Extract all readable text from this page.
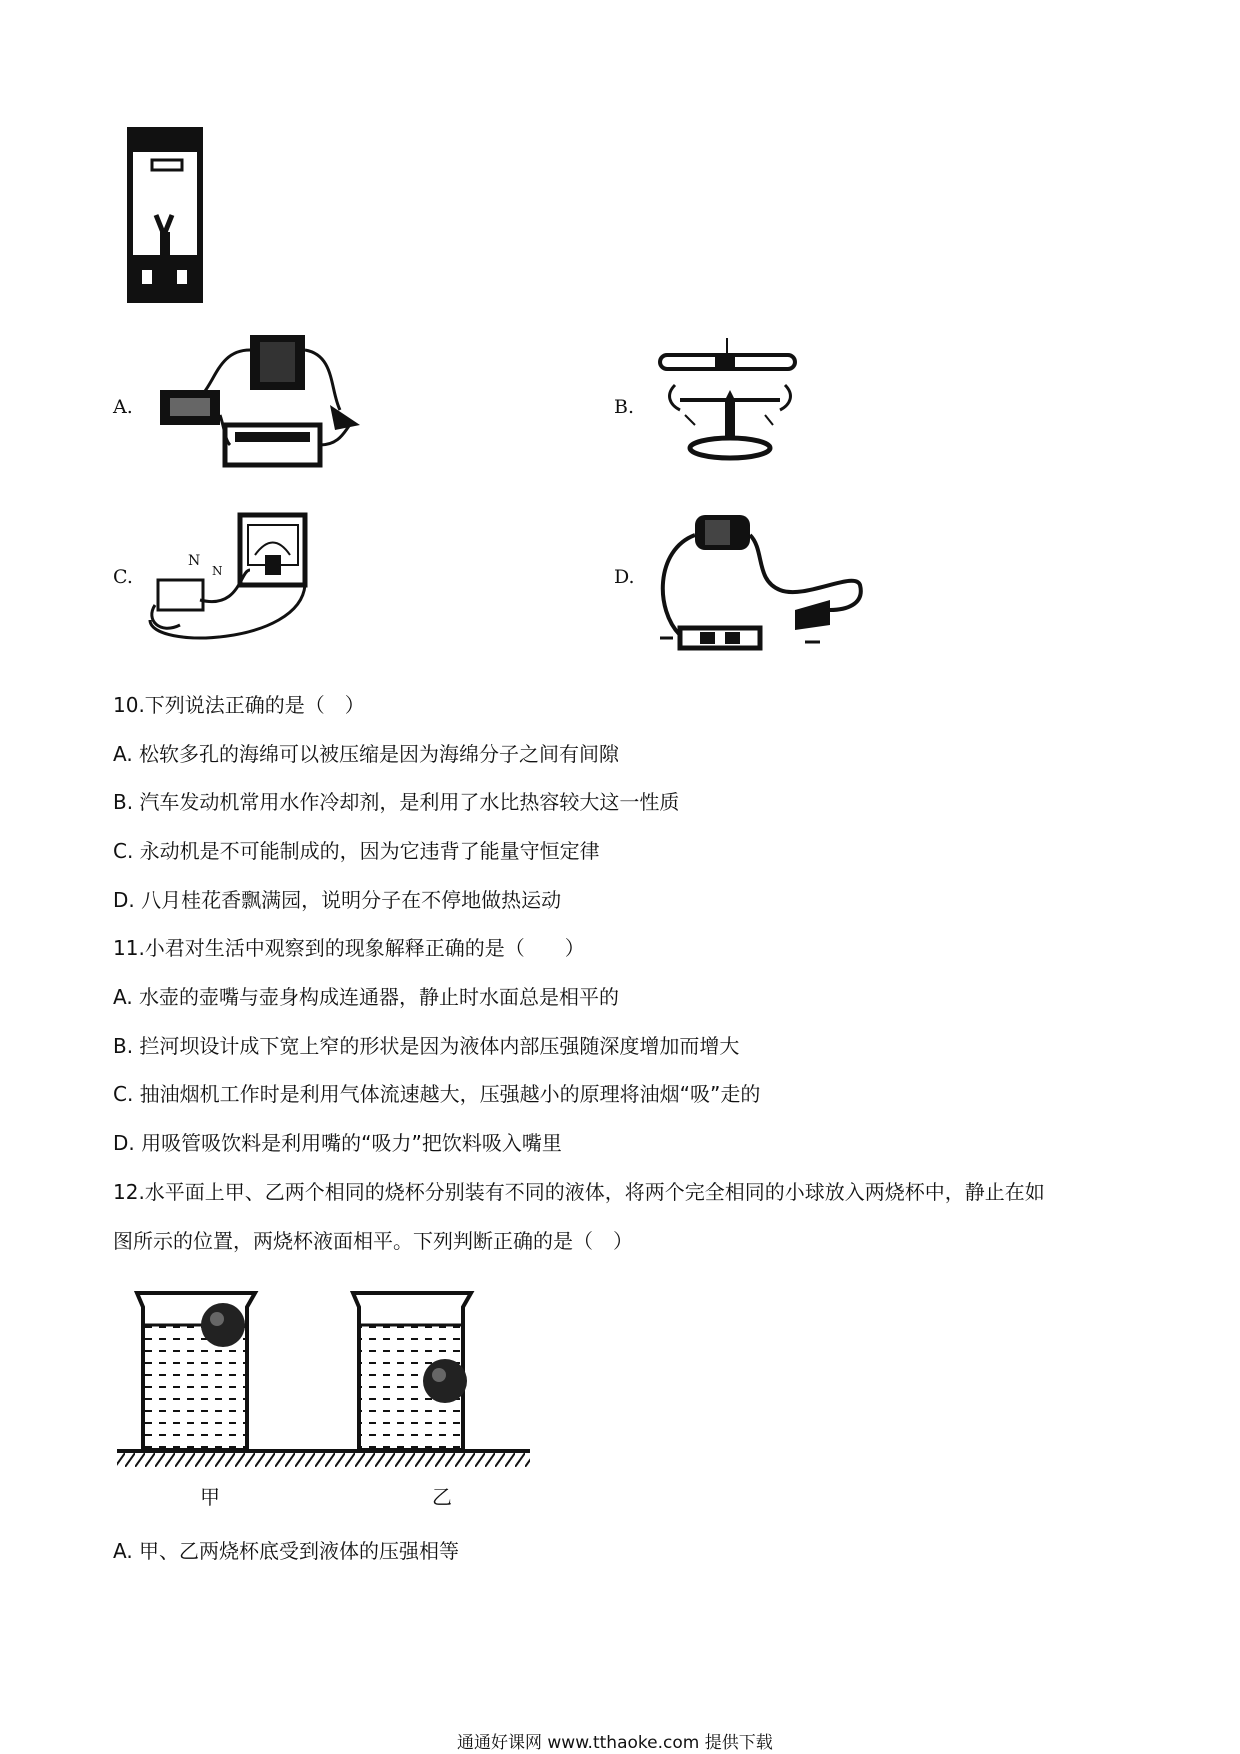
A.	B.
C.
N
N	D.
10.下列说法正确的是（　）
A. 松软多孔的海绵可以被压缩是因为海绵分子之间有间隙
B. 汽车发动机常用水作冷却剂，是利用了水比热容较大这一性质
C. 永动机是不可能制成的，因为它违背了能量守恒定律
D. 八月桂花香飘满园，说明分子在不停地做热运动
11.小君对生活中观察到的现象解释正确的是（　　）
A. 水壶的壶嘴与壶身构成连通器，静止时水面总是相平的
B. 拦河坝设计成下宽上窄的形状是因为液体内部压强随深度增加而增大
C. 抽油烟机工作时是利用气体流速越大，压强越小的原理将油烟“吸”走的
D. 用吸管吸饮料是利用嘴的“吸力”把饮料吸入嘴里
12.水平面上甲、乙两个相同的烧杯分别装有不同的液体，将两个完全相同的小球放入两烧杯中，静止在如
图所示的位置，两烧杯液面相平。下列判断正确的是（　）
甲	乙
A. 甲、乙两烧杯底受到液体的压强相等
通通好课网 www.tthaoke.com 提供下载
